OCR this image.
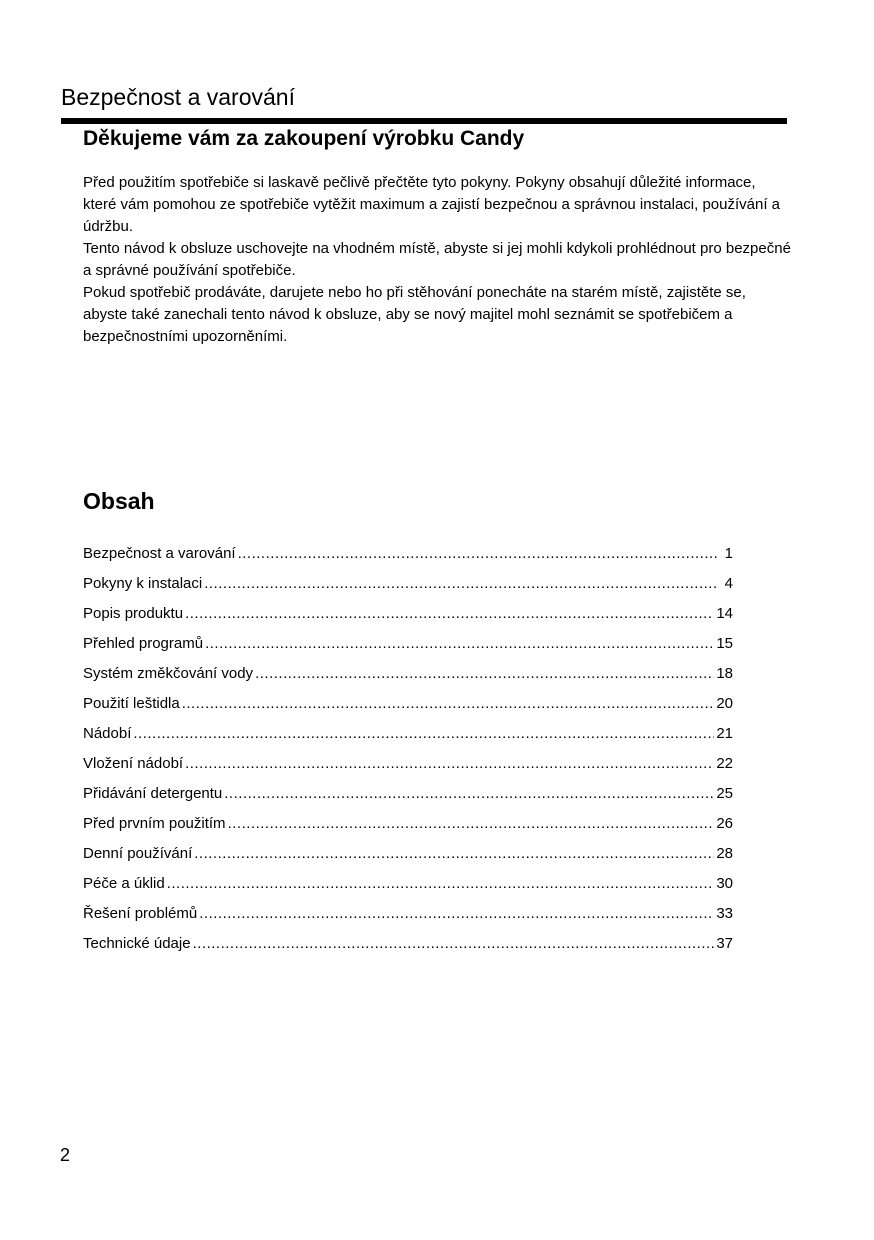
Bezpečnost a varování
Děkujeme vám za zakoupení výrobku Candy

Před použitím spotřebiče si laskavě pečlivě přečtěte tyto pokyny. Pokyny obsahují důležité informace, které vám pomohou ze spotřebiče vytěžit maximum a zajistí bezpečnou a správnou instalaci, používání a údržbu.

Tento návod k obsluze uschovejte na vhodném místě, abyste si jej mohli kdykoli prohlédnout pro bezpečné a správné používání spotřebiče.

Pokud spotřebič prodáváte, darujete nebo ho při stěhování ponecháte na starém místě, zajistěte se, abyste také zanechali tento návod k obsluze, aby se nový majitel mohl seznámit se spotřebičem a bezpečnostními upozorněními.

Obsah
Bezpečnost a varování .....	1
Pokyny k instalaci .....	4
Popis produktu .....	14
Přehled programů .....	15
Systém změkčování vody .....	18
Použití leštidla .....	20
Nádobí .....	21
Vložení nádobí .....	22
Přidávání detergentu .....	25
Před prvním použitím .....	26
Denní používání .....	28
Péče a úklid .....	30
Řešení problémů .....	33
Technické údaje .....	37
2
